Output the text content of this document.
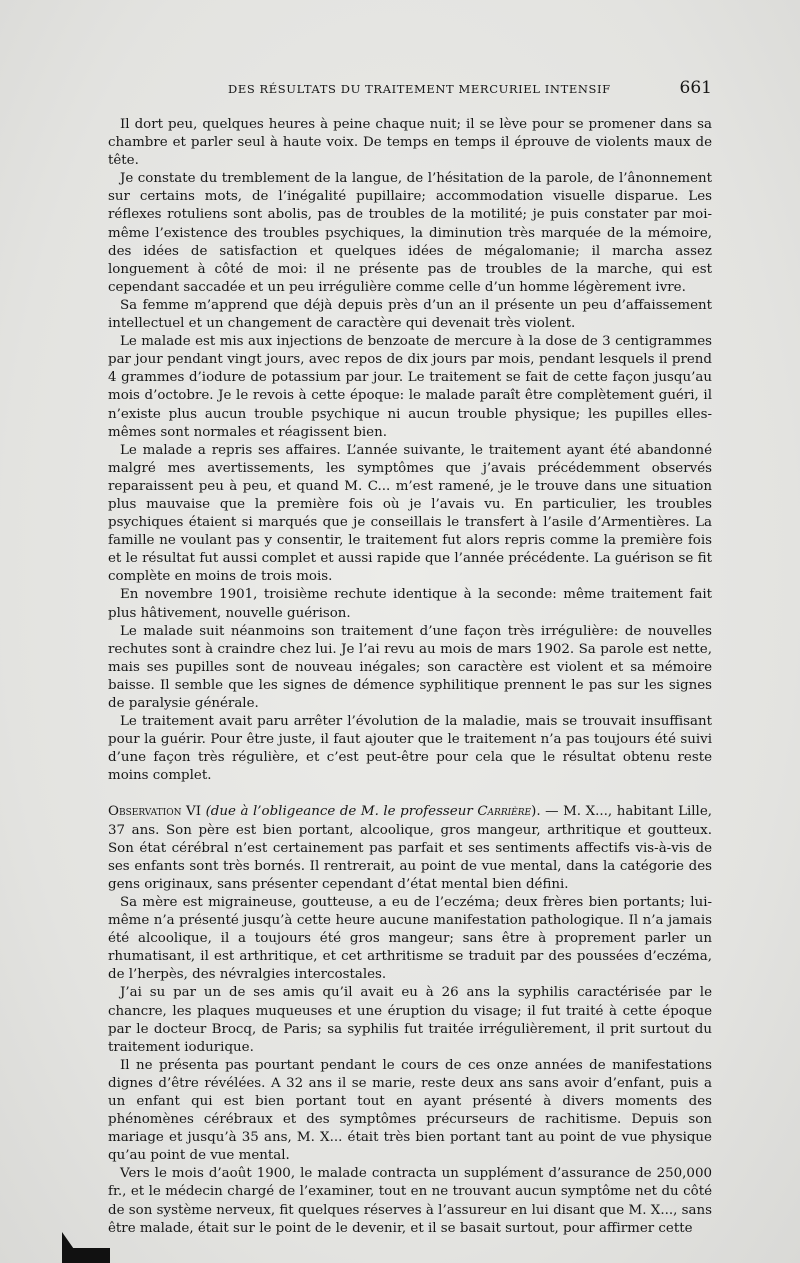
DES RÉSULTATS DU TRAITEMENT MERCURIEL INTENSIF	661

Il dort peu, quelques heures à peine chaque nuit; il se lève pour se promener dans sa chambre et parler seul à haute voix. De temps en temps il éprouve de violents maux de tête.

Je constate du tremblement de la langue, de l’hésitation de la parole, de l’ânonnement sur certains mots, de l’inégalité pupillaire; accommodation visuelle disparue. Les réflexes rotuliens sont abolis, pas de troubles de la motilité; je puis constater par moi-même l’existence des troubles psychiques, la diminution très marquée de la mémoire, des idées de satisfaction et quelques idées de mégalomanie; il marcha assez longuement à côté de moi: il ne présente pas de troubles de la marche, qui est cependant saccadée et un peu irrégulière comme celle d’un homme légèrement ivre.

Sa femme m’apprend que déjà depuis près d’un an il présente un peu d’affaissement intellectuel et un changement de caractère qui devenait très violent.

Le malade est mis aux injections de benzoate de mercure à la dose de 3 centigrammes par jour pendant vingt jours, avec repos de dix jours par mois, pendant lesquels il prend 4 grammes d’iodure de potassium par jour. Le traitement se fait de cette façon jusqu’au mois d’octobre. Je le revois à cette époque: le malade paraît être complètement guéri, il n’existe plus aucun trouble psychique ni aucun trouble physique; les pupilles elles-mêmes sont normales et réagissent bien.

Le malade a repris ses affaires. L’année suivante, le traitement ayant été abandonné malgré mes avertissements, les symptômes que j’avais précédemment observés reparaissent peu à peu, et quand M. C... m’est ramené, je le trouve dans une situation plus mauvaise que la première fois où je l’avais vu. En particulier, les troubles psychiques étaient si marqués que je conseillais le transfert à l’asile d’Armentières. La famille ne voulant pas y consentir, le traitement fut alors repris comme la première fois et le résultat fut aussi complet et aussi rapide que l’année précédente. La guérison se fit complète en moins de trois mois.

En novembre 1901, troisième rechute identique à la seconde: même traitement fait plus hâtivement, nouvelle guérison.

Le malade suit néanmoins son traitement d’une façon très irrégulière: de nouvelles rechutes sont à craindre chez lui. Je l’ai revu au mois de mars 1902. Sa parole est nette, mais ses pupilles sont de nouveau inégales; son caractère est violent et sa mémoire baisse. Il semble que les signes de démence syphilitique prennent le pas sur les signes de paralysie générale.

Le traitement avait paru arrêter l’évolution de la maladie, mais se trouvait insuffisant pour la guérir. Pour être juste, il faut ajouter que le traitement n’a pas toujours été suivi d’une façon très régulière, et c’est peut-être pour cela que le résultat obtenu reste moins complet.

Observation VI (due à l’obligeance de M. le professeur Carrière). — M. X..., habitant Lille, 37 ans. Son père est bien portant, alcoolique, gros mangeur, arthritique et goutteux. Son état cérébral n’est certainement pas parfait et ses sentiments affectifs vis-à-vis de ses enfants sont très bornés. Il rentrerait, au point de vue mental, dans la catégorie des gens originaux, sans présenter cependant d’état mental bien défini.

Sa mère est migraineuse, goutteuse, a eu de l’eczéma; deux frères bien portants; lui-même n’a présenté jusqu’à cette heure aucune manifestation pathologique. Il n’a jamais été alcoolique, il a toujours été gros mangeur; sans être à proprement parler un rhumatisant, il est arthritique, et cet arthritisme se traduit par des poussées d’eczéma, de l’herpès, des névralgies intercostales.

J’ai su par un de ses amis qu’il avait eu à 26 ans la syphilis caractérisée par le chancre, les plaques muqueuses et une éruption du visage; il fut traité à cette époque par le docteur Brocq, de Paris; sa syphilis fut traitée irrégulièrement, il prit surtout du traitement iodurique.

Il ne présenta pas pourtant pendant le cours de ces onze années de manifestations dignes d’être révélées. A 32 ans il se marie, reste deux ans sans avoir d’enfant, puis a un enfant qui est bien portant tout en ayant présenté à divers moments des phénomènes cérébraux et des symptômes précurseurs de rachitisme. Depuis son mariage et jusqu’à 35 ans, M. X... était très bien portant tant au point de vue physique qu’au point de vue mental.

Vers le mois d’août 1900, le malade contracta un supplément d’assurance de 250,000 fr., et le médecin chargé de l’examiner, tout en ne trouvant aucun symptôme net du côté de son système nerveux, fit quelques réserves à l’assureur en lui disant que M. X..., sans être malade, était sur le point de le devenir, et il se basait surtout, pour affirmer cette
